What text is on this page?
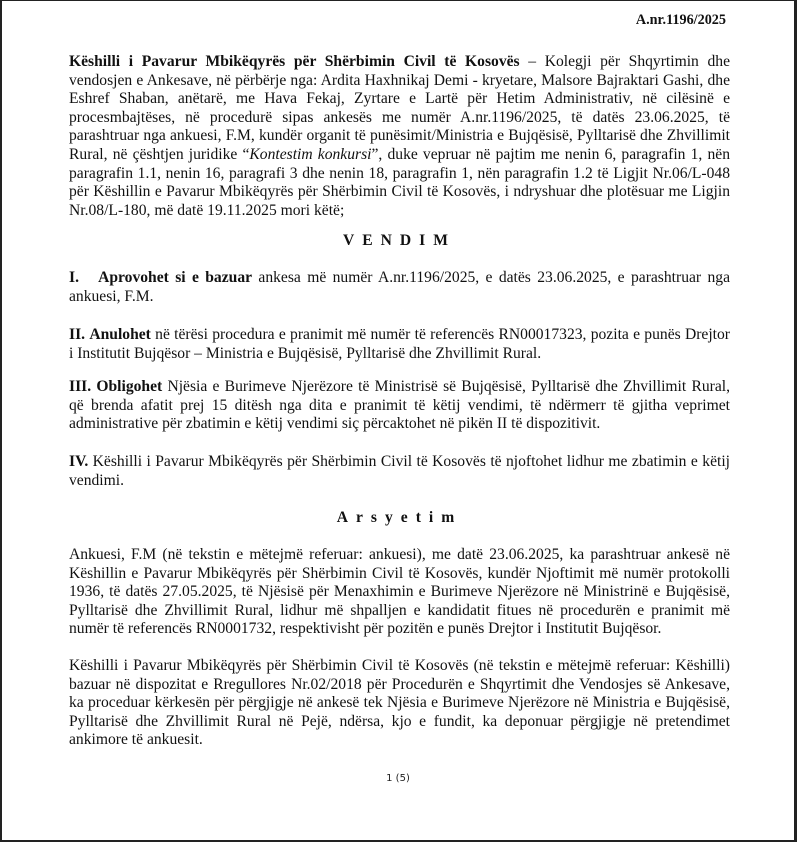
A.nr.1196/2025
Këshilli i Pavarur Mbikëqyrës për Shërbimin Civil të Kosovës – Kolegji për Shqyrtimin dhe vendosjen e Ankesave, në përbërje nga: Ardita Haxhnikaj Demi - kryetare, Malsore Bajraktari Gashi, dhe Eshref Shaban, anëtarë, me Hava Fekaj, Zyrtare e Lartë për Hetim Administrativ, në cilësinë e procesmbajtëses, në procedurë sipas ankesës me numër A.nr.1196/2025, të datës 23.06.2025, të parashtruar nga ankuesi, F.M, kundër organit të punësimit/Ministria e Bujqësisë, Pylltarisë dhe Zhvillimit Rural, në çështjen juridike “Kontestim konkursi”, duke vepruar në pajtim me nenin 6, paragrafin 1, nën paragrafin 1.1, nenin 16, paragrafi 3 dhe nenin 18, paragrafin 1, nën paragrafin 1.2 të Ligjit Nr.06/L-048 për Këshillin e Pavarur Mbikëqyrës për Shërbimin Civil të Kosovës, i ndryshuar dhe plotësuar me Ligjin Nr.08/L-180, më datë 19.11.2025 mori këtë;
VENDIM
I. Aprovohet si e bazuar ankesa më numër A.nr.1196/2025, e datës 23.06.2025, e parashtruar nga ankuesi, F.M.
II. Anulohet në tërësi procedura e pranimit më numër të referencës RN00017323, pozita e punës Drejtor i Institutit Bujqësor – Ministria e Bujqësisë, Pylltarisë dhe Zhvillimit Rural.
III. Obligohet Njësia e Burimeve Njerëzore të Ministrisë së Bujqësisë, Pylltarisë dhe Zhvillimit Rural, që brenda afatit prej 15 ditësh nga dita e pranimit të këtij vendimi, të ndërmerr të gjitha veprimet administrative për zbatimin e këtij vendimi siç përcaktohet në pikën II të dispozitivit.
IV. Këshilli i Pavarur Mbikëqyrës për Shërbimin Civil të Kosovës të njoftohet lidhur me zbatimin e këtij vendimi.
Arsyetim
Ankuesi, F.M (në tekstin e mëtejmë referuar: ankuesi), me datë 23.06.2025, ka parashtruar ankesë në Këshillin e Pavarur Mbikëqyrës për Shërbimin Civil të Kosovës, kundër Njoftimit më numër protokolli 1936, të datës 27.05.2025, të Njësisë për Menaxhimin e Burimeve Njerëzore në Ministrinë e Bujqësisë, Pylltarisë dhe Zhvillimit Rural, lidhur më shpalljen e kandidatit fitues në procedurën e pranimit më numër të referencës RN0001732, respektivisht për pozitën e punës Drejtor i Institutit Bujqësor.
Këshilli i Pavarur Mbikëqyrës për Shërbimin Civil të Kosovës (në tekstin e mëtejmë referuar: Këshilli) bazuar në dispozitat e Rregullores Nr.02/2018 për Procedurën e Shqyrtimit dhe Vendosjes së Ankesave, ka proceduar kërkesën për përgjigje në ankesë tek Njësia e Burimeve Njerëzore në Ministria e Bujqësisë, Pylltarisë dhe Zhvillimit Rural në Pejë, ndërsa, kjo e fundit, ka deponuar përgjigje në pretendimet ankimore të ankuesit.
1 (5)
